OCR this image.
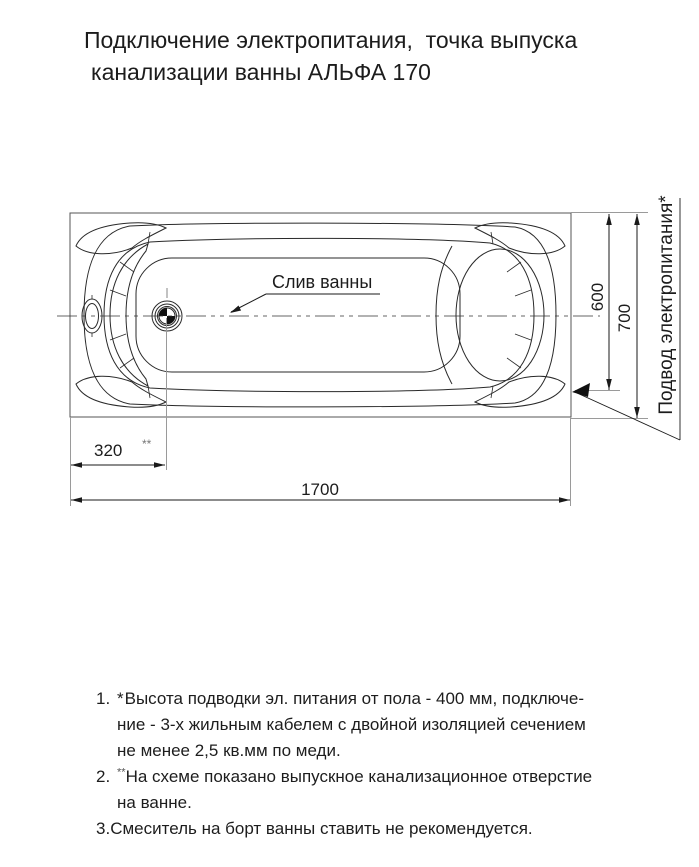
Подключение электропитания,  точка выпуска
канализации ванны АЛЬФА 170
600
700
320 **
1700
Слив ванны	Подвод электропитания*
1. *Высота подводки эл. питания от пола - 400 мм, подключе-
ние - 3-х жильным кабелем с двойной изоляцией сечением
не менее 2,5 кв.мм по меди.
2. **На схеме показано выпускное канализационное отверстие
на ванне.
3. Смеситель на борт ванны ставить не рекомендуется.
